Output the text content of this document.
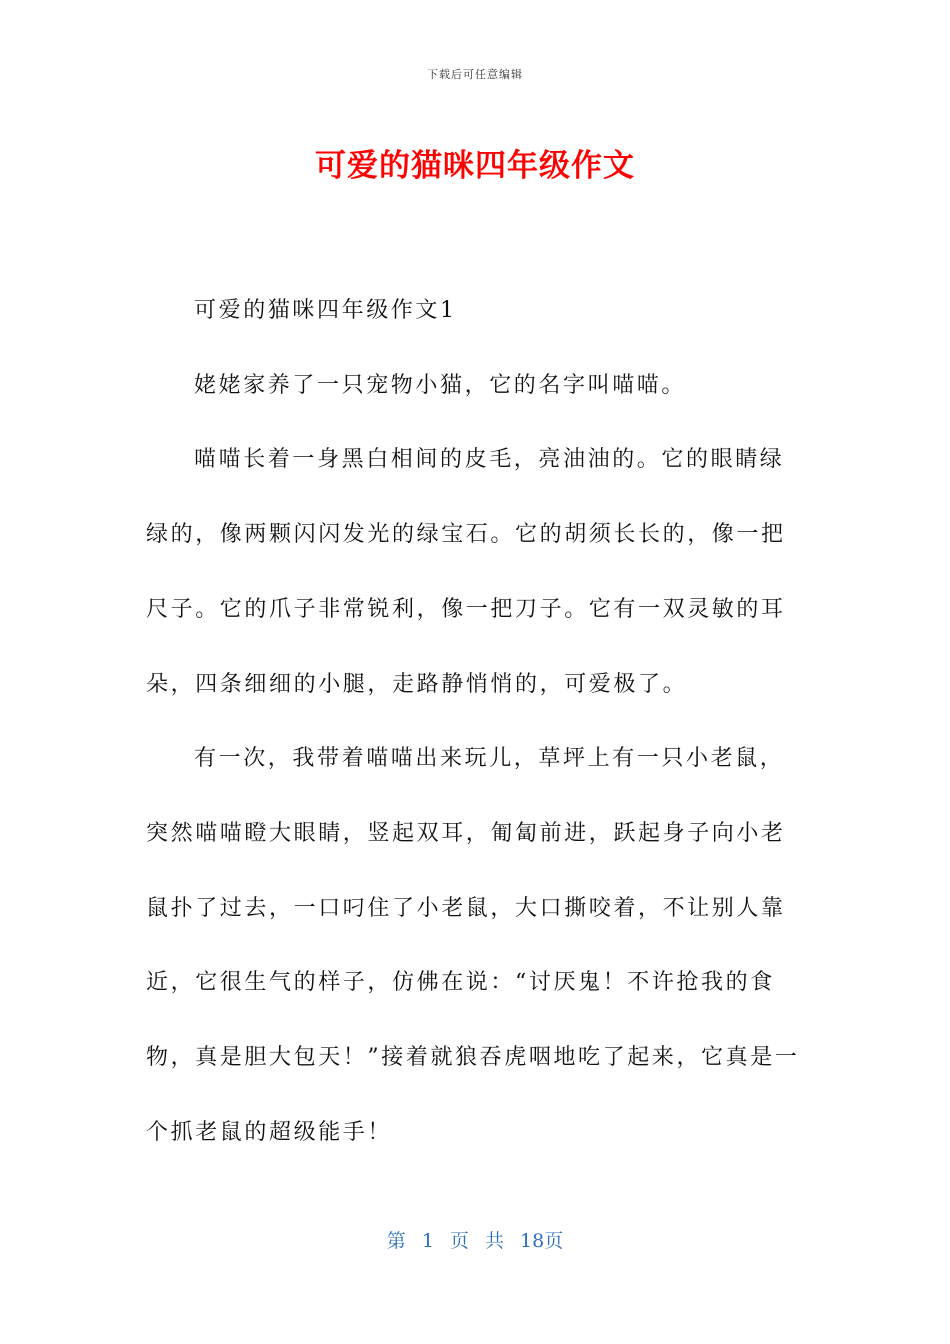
下载后可任意编辑
可爱的猫咪四年级作文

可爱的猫咪四年级作文1

姥姥家养了一只宠物小猫，它的名字叫喵喵。

喵喵长着一身黑白相间的皮毛，亮油油的。它的眼睛绿绿的，像两颗闪闪发光的绿宝石。它的胡须长长的，像一把尺子。它的爪子非常锐利，像一把刀子。它有一双灵敏的耳朵，四条细细的小腿，走路静悄悄的，可爱极了。

有一次，我带着喵喵出来玩儿，草坪上有一只小老鼠，突然喵喵瞪大眼睛，竖起双耳，匍匐前进，跃起身子向小老鼠扑了过去，一口叼住了小老鼠，大口撕咬着，不让别人靠近，它很生气的样子，仿佛在说：“讨厌鬼！不许抢我的食物，真是胆大包天！”接着就狼吞虎咽地吃了起来，它真是一个抓老鼠的超级能手！

第 1 页 共 18页
